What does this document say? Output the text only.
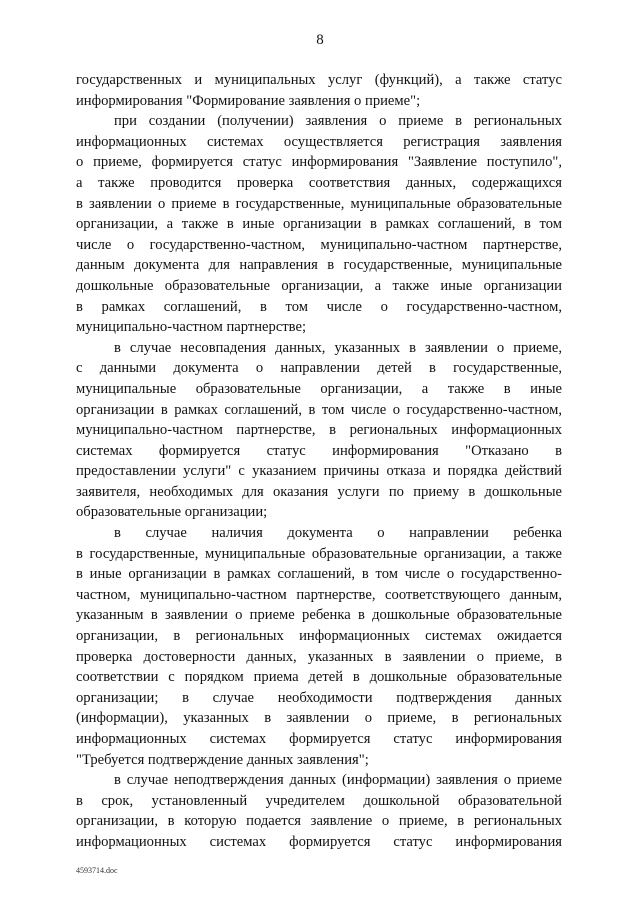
8
государственных и муниципальных услуг (функций), а также статус
информирования "Формирование заявления о приеме";
при создании (получении) заявления о приеме в региональных
информационных системах осуществляется регистрация заявления
о приеме, формируется статус информирования "Заявление поступило",
а также проводится проверка соответствия данных, содержащихся
в заявлении о приеме в государственные, муниципальные образовательные
организации, а также в иные организации в рамках соглашений, в том
числе о государственно-частном, муниципально-частном партнерстве,
данным документа для направления в государственные, муниципальные
дошкольные образовательные организации, а также иные организации
в рамках соглашений, в том числе о государственно-частном,
муниципально-частном партнерстве;
в случае несовпадения данных, указанных в заявлении о приеме,
с данными документа о направлении детей в государственные,
муниципальные образовательные организации, а также в иные
организации в рамках соглашений, в том числе о государственно-частном,
муниципально-частном партнерстве, в региональных информационных
системах формируется статус информирования "Отказано в
предоставлении услуги" с указанием причины отказа и порядка действий
заявителя, необходимых для оказания услуги по приему в дошкольные
образовательные организации;
в случае наличия документа о направлении ребенка
в государственные, муниципальные образовательные организации, а также
в иные организации в рамках соглашений, в том числе о государственно-
частном, муниципально-частном партнерстве, соответствующего данным,
указанным в заявлении о приеме ребенка в дошкольные образовательные
организации, в региональных информационных системах ожидается
проверка достоверности данных, указанных в заявлении о приеме, в
соответствии с порядком приема детей в дошкольные образовательные
организации; в случае необходимости подтверждения данных
(информации), указанных в заявлении о приеме, в региональных
информационных системах формируется статус информирования
"Требуется подтверждение данных заявления";
в случае неподтверждения данных (информации) заявления о приеме
в срок, установленный учредителем дошкольной образовательной
организации, в которую подается заявление о приеме, в региональных
информационных системах формируется статус информирования
4593714.doc
